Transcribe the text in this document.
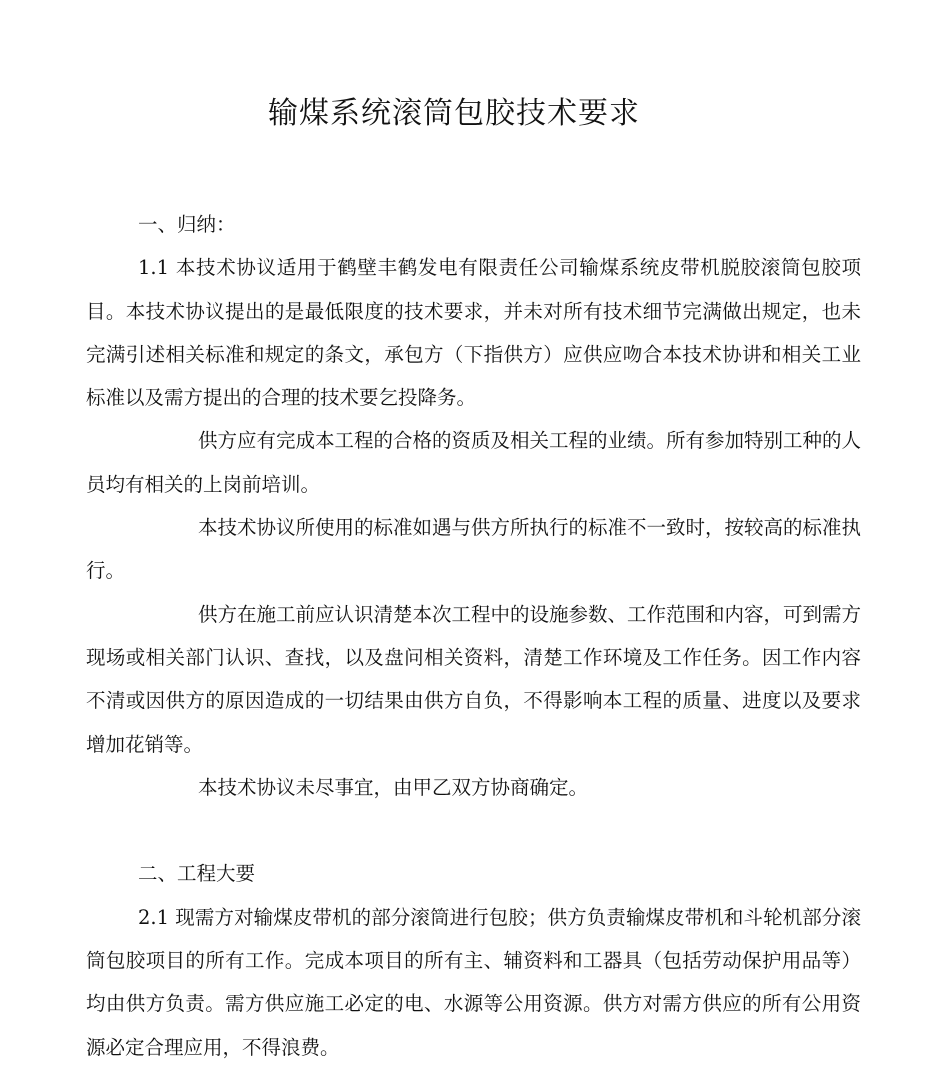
输煤系统滚筒包胶技术要求

一、归纳：

1.1 本技术协议适用于鹤壁丰鹤发电有限责任公司输煤系统皮带机脱胶滚筒包胶项目。本技术协议提出的是最低限度的技术要求，并未对所有技术细节完满做出规定，也未完满引述相关标准和规定的条文，承包方（下指供方）应供应吻合本技术协讲和相关工业标准以及需方提出的合理的技术要乞投降务。

供方应有完成本工程的合格的资质及相关工程的业绩。所有参加特别工种的人员均有相关的上岗前培训。

本技术协议所使用的标准如遇与供方所执行的标准不一致时，按较高的标准执行。

供方在施工前应认识清楚本次工程中的设施参数、工作范围和内容，可到需方现场或相关部门认识、查找，以及盘问相关资料，清楚工作环境及工作任务。因工作内容不清或因供方的原因造成的一切结果由供方自负，不得影响本工程的质量、进度以及要求增加花销等。

本技术协议未尽事宜，由甲乙双方协商确定。

二、工程大要

2.1 现需方对输煤皮带机的部分滚筒进行包胶；供方负责输煤皮带机和斗轮机部分滚筒包胶项目的所有工作。完成本项目的所有主、辅资料和工器具（包括劳动保护用品等）均由供方负责。需方供应施工必定的电、水源等公用资源。供方对需方供应的所有公用资源必定合理应用，不得浪费。
